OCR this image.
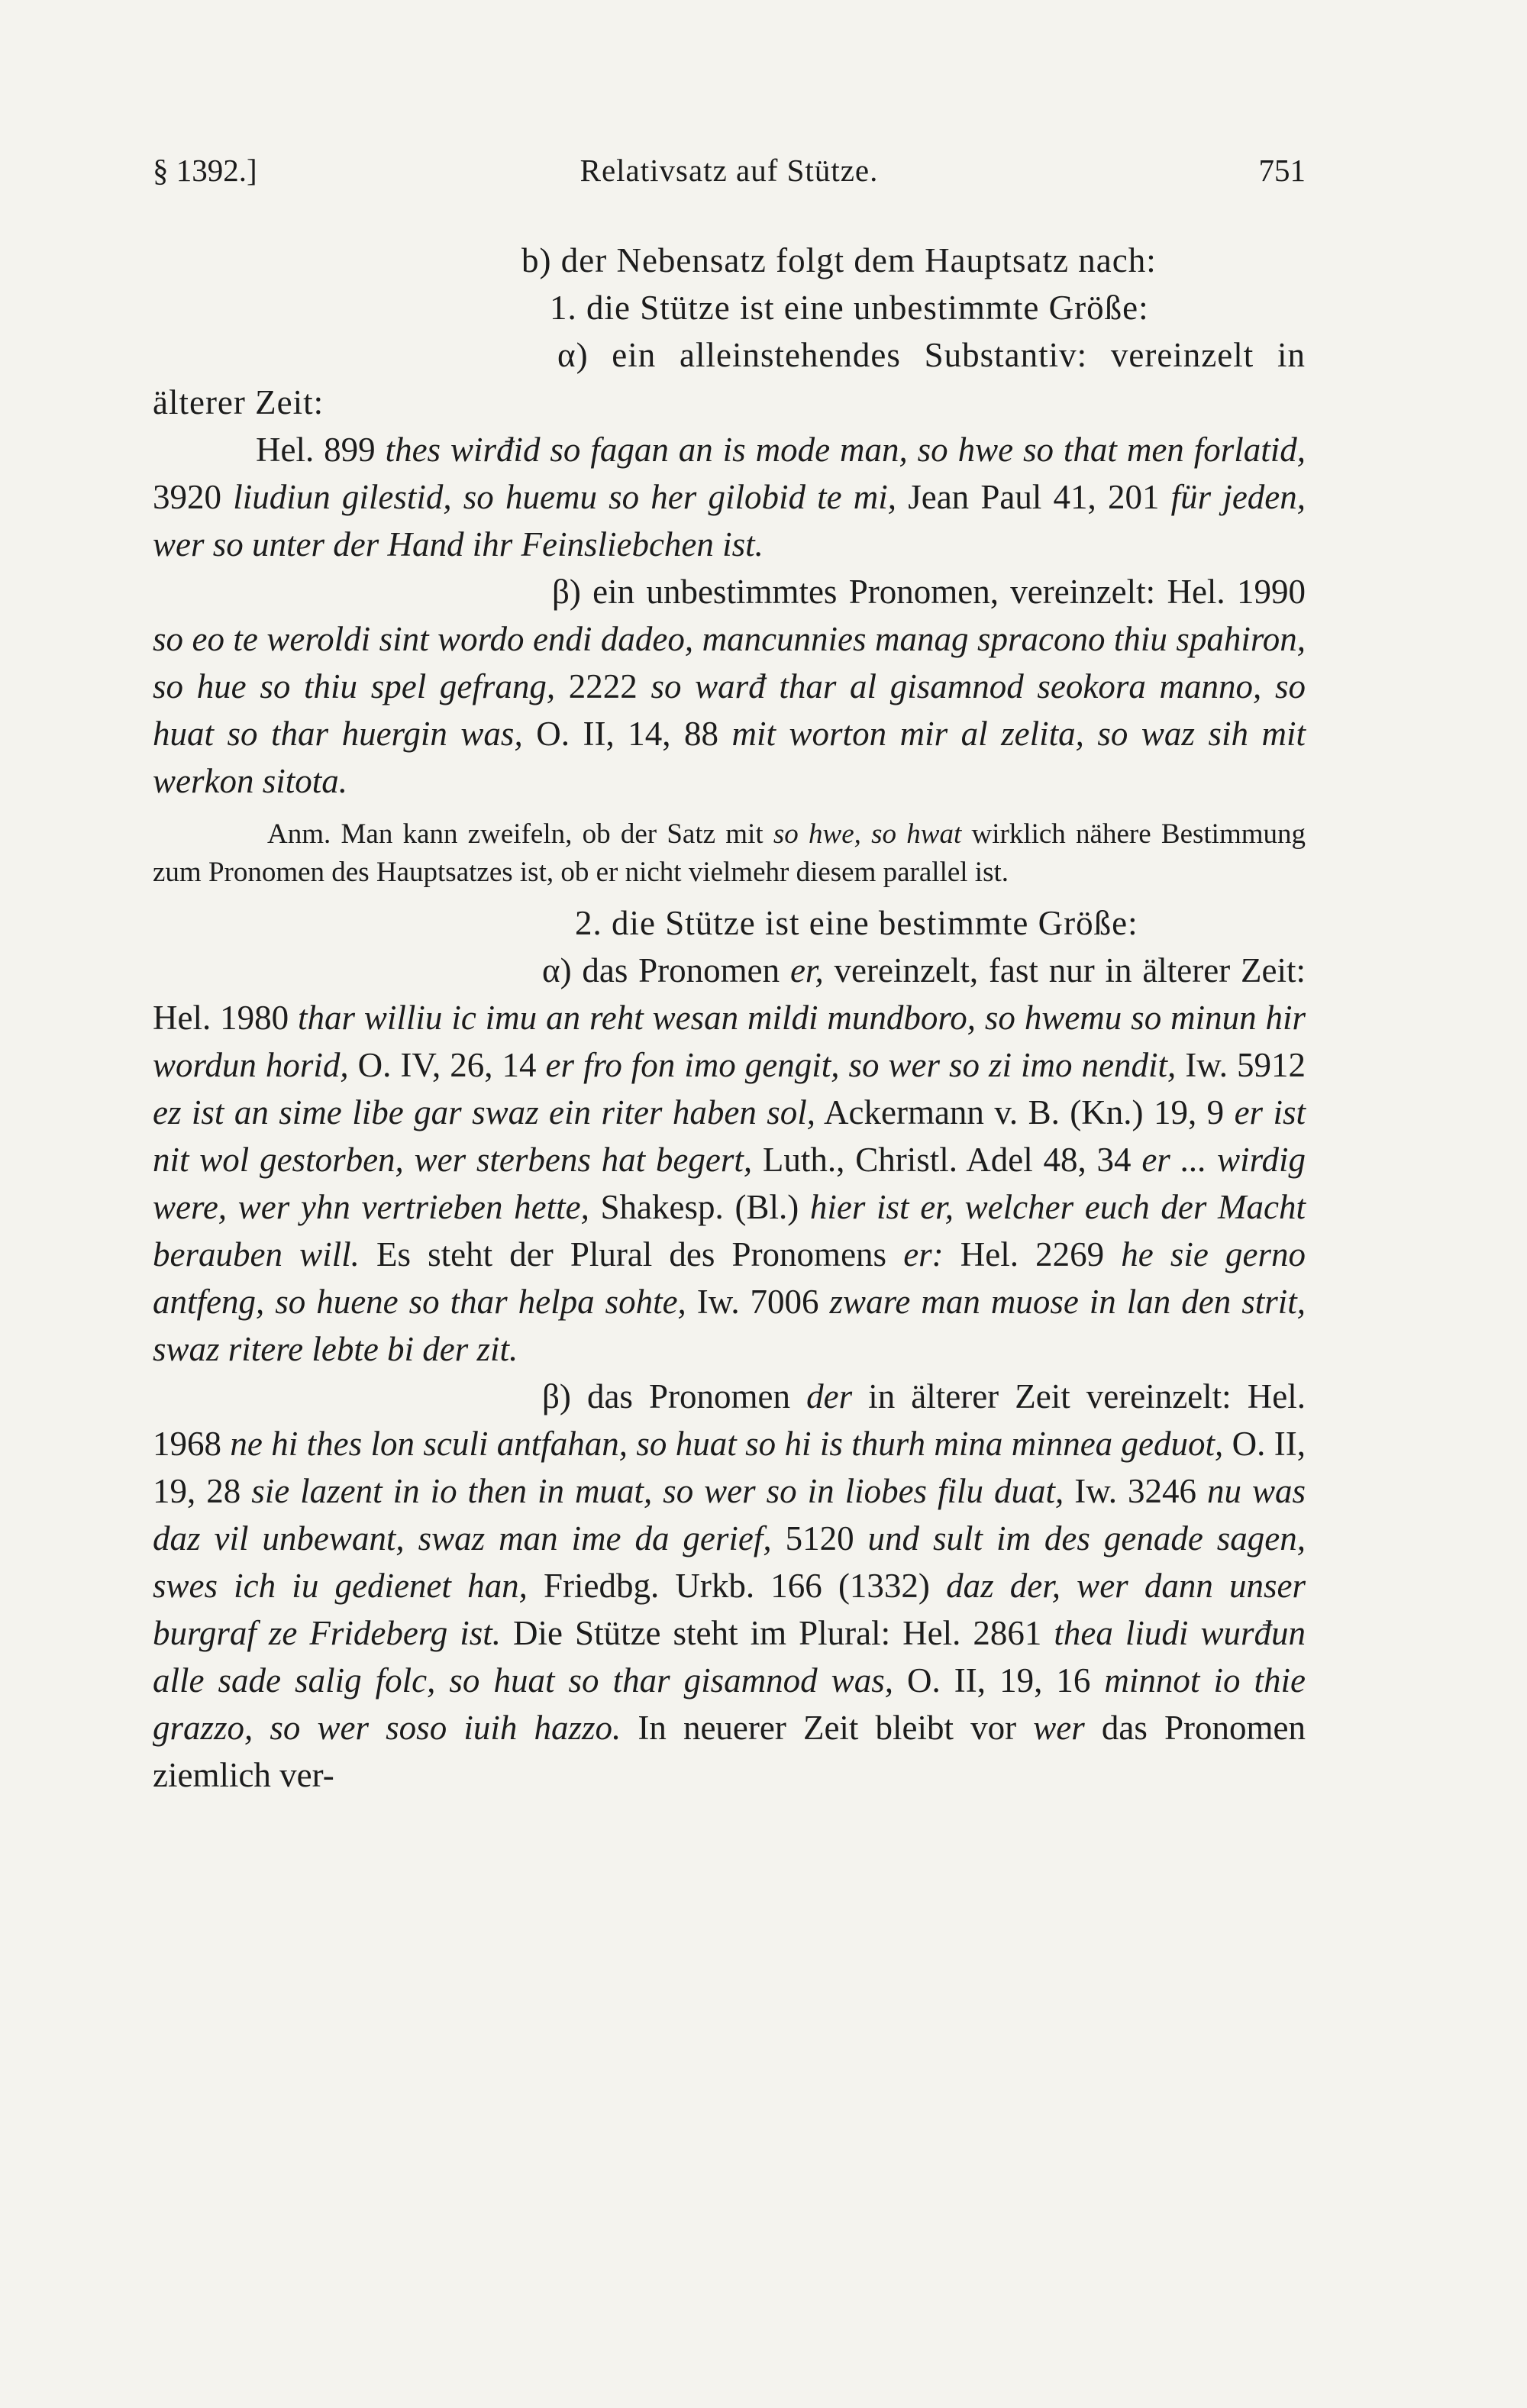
§ 1392.]	Relativsatz auf Stütze.	751

b) der Nebensatz folgt dem Hauptsatz nach:

1. die Stütze ist eine unbestimmte Größe:

α) ein alleinstehendes Substantiv: vereinzelt in älterer Zeit:

Hel. 899 thes wirđid so fagan an is mode man, so hwe so that men forlatid, 3920 liudiun gilestid, so huemu so her gilobid te mi, Jean Paul 41, 201 für jeden, wer so unter der Hand ihr Feinsliebchen ist.

β) ein unbestimmtes Pronomen, vereinzelt: Hel. 1990 so eo te weroldi sint wordo endi dadeo, mancunnies manag spracono thiu spahiron, so hue so thiu spel gefrang, 2222 so warđ thar al gisamnod seokora manno, so huat so thar huergin was, O. II, 14, 88 mit worton mir al zelita, so waz sih mit werkon sitota.

Anm. Man kann zweifeln, ob der Satz mit so hwe, so hwat wirklich nähere Bestimmung zum Pronomen des Hauptsatzes ist, ob er nicht vielmehr diesem parallel ist.

2. die Stütze ist eine bestimmte Größe:

α) das Pronomen er, vereinzelt, fast nur in älterer Zeit: Hel. 1980 thar williu ic imu an reht wesan mildi mundboro, so hwemu so minun hir wordun horid, O. IV, 26, 14 er fro fon imo gengit, so wer so zi imo nendit, Iw. 5912 ez ist an sime libe gar swaz ein riter haben sol, Ackermann v. B. (Kn.) 19, 9 er ist nit wol gestorben, wer sterbens hat begert, Luth., Christl. Adel 48, 34 er ... wirdig were, wer yhn vertrieben hette, Shakesp. (Bl.) hier ist er, welcher euch der Macht berauben will. Es steht der Plural des Pronomens er: Hel. 2269 he sie gerno antfeng, so huene so thar helpa sohte, Iw. 7006 zware man muose in lan den strit, swaz ritere lebte bi der zit.

β) das Pronomen der in älterer Zeit vereinzelt: Hel. 1968 ne hi thes lon sculi antfahan, so huat so hi is thurh mina minnea geduot, O. II, 19, 28 sie lazent in io then in muat, so wer so in liobes filu duat, Iw. 3246 nu was daz vil unbewant, swaz man ime da gerief, 5120 und sult im des genade sagen, swes ich iu gedienet han, Friedbg. Urkb. 166 (1332) daz der, wer dann unser burgraf ze Frideberg ist. Die Stütze steht im Plural: Hel. 2861 thea liudi wurđun alle sade salig folc, so huat so thar gisamnod was, O. II, 19, 16 minnot io thie grazzo, so wer soso iuih hazzo. In neuerer Zeit bleibt vor wer das Pronomen ziemlich ver-
